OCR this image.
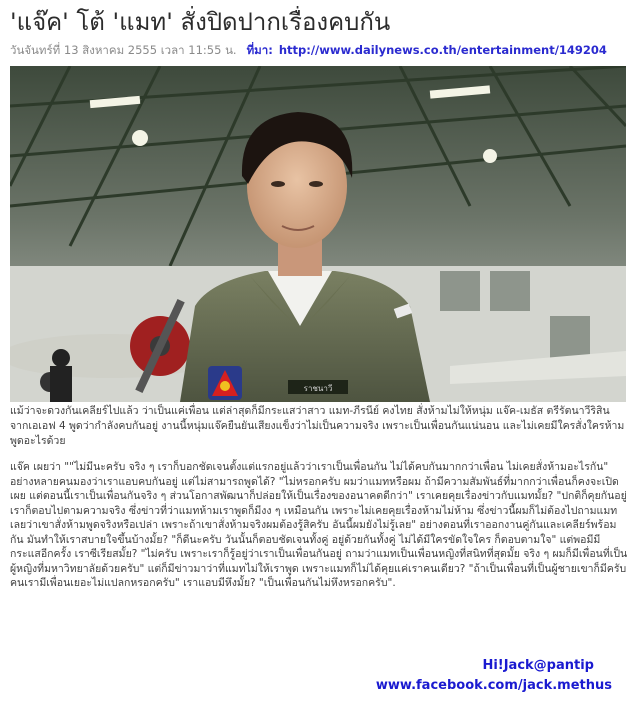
'แจ๊ค' โต้ 'แมท' สั่งปิดปากเรื่องคบกัน
วันจันทร์ที่ 13 สิงหาคม 2555 เวลา 11:55 น. ที่มา: http://www.dailynews.co.th/entertainment/149204
ราชนาวี
แม้ว่าจะดวงกันเคลียร์ไปแล้ว ว่าเป็นแค่เพื่อน แต่ล่าสุดก็มีกระแสว่าสาว แมท-ภีรนีย์ คงไทย สั่งห้ามไม่ให้หนุ่ม แจ๊ค-เมธัส ตรีรัตนาวีริสิน จากเอเอฟ 4 พูดว่ากำลังคบกันอยู่ งานนี้หนุ่มแจ๊คยืนยันเสียงแข็งว่าไม่เป็นความจริง เพราะเป็นเพื่อนกันแน่นอน และไม่เคยมีใครสั่งใครห้ามพูดอะไรด้วย
แจ๊ค เผยว่า ""ไม่มีนะครับ จริง ๆ เราก็บอกชัดเจนตั้งแต่แรกอยู่แล้วว่าเราเป็นเพื่อนกัน ไม่ได้คบกันมากกว่าเพื่อน ไม่เคยสั่งห้ามอะไรกัน" อย่างหลายคนมองว่าเราแอบคบกันอยู่ แต่ไม่สามารถพูดได้? "ไม่หรอกครับ ผมว่าแมทหรือผม ถ้ามีความสัมพันธ์ที่มากกว่าเพื่อนก็คงจะเปิดเผย แต่ตอนนี้เราเป็นเพื่อนกันจริง ๆ ส่วนโอกาสพัฒนาก็ปล่อยให้เป็นเรื่องของอนาคตดีกว่า" เราเคยคุยเรื่องข่าวกับแมทมั้ย? "ปกติก็คุยกันอยู่ เราก็ตอบไปตามความจริง ซึ่งข่าวที่ว่าแมทห้ามเราพูดก็มีงง ๆ เหมือนกัน เพราะไม่เคยคุยเรื่องห้ามไม่ห้าม ซึ่งข่าวนี้ผมก็ไม่ต้องไปถามแมทเลยว่าเขาสั่งห้ามพูดจริงหรือเปล่า เพราะถ้าเขาสั่งห้ามจริงผมต้องรู้สิครับ อันนี้ผมยังไม่รู้เลย" อย่างตอนที่เราออกงานคู่กันและเคลียร์พร้อมกัน มันทำให้เราสบายใจขึ้นบ้างมั้ย? "ก็ดีนะครับ วันนั้นก็ตอบชัดเจนทั้งคู่ อยู่ด้วยกันทั้งคู่ ไม่ได้มีใครขัดใจใคร ก็ตอบตามใจ" แต่พอมีมีกระแสอีกครั้ง เราซีเรียสมั้ย? "ไม่ครับ เพราะเราก็รู้อยู่ว่าเราเป็นเพื่อนกันอยู่ ถามว่าแมทเป็นเพื่อนหญิงที่สนิทที่สุดมั้ย จริง ๆ ผมก็มีเพื่อนที่เป็นผู้หญิงที่มหาวิทยาลัยด้วยครับ" แต่ก็มีข่าวมาว่าที่แมทไม่ให้เราพูด เพราะแมทก็ไม่ได้คุยแค่เราคนเดียว? "ถ้าเป็นเพื่อนที่เป็นผู้ชายเขาก็มีครับ คนเรามีเพื่อนเยอะไม่แปลกหรอกครับ" เราแอบมีหึงมั้ย? "เป็นเพื่อนกันไม่หึงหรอกครับ".
Hi!Jack@pantip
www.facebook.com/jack.methus
